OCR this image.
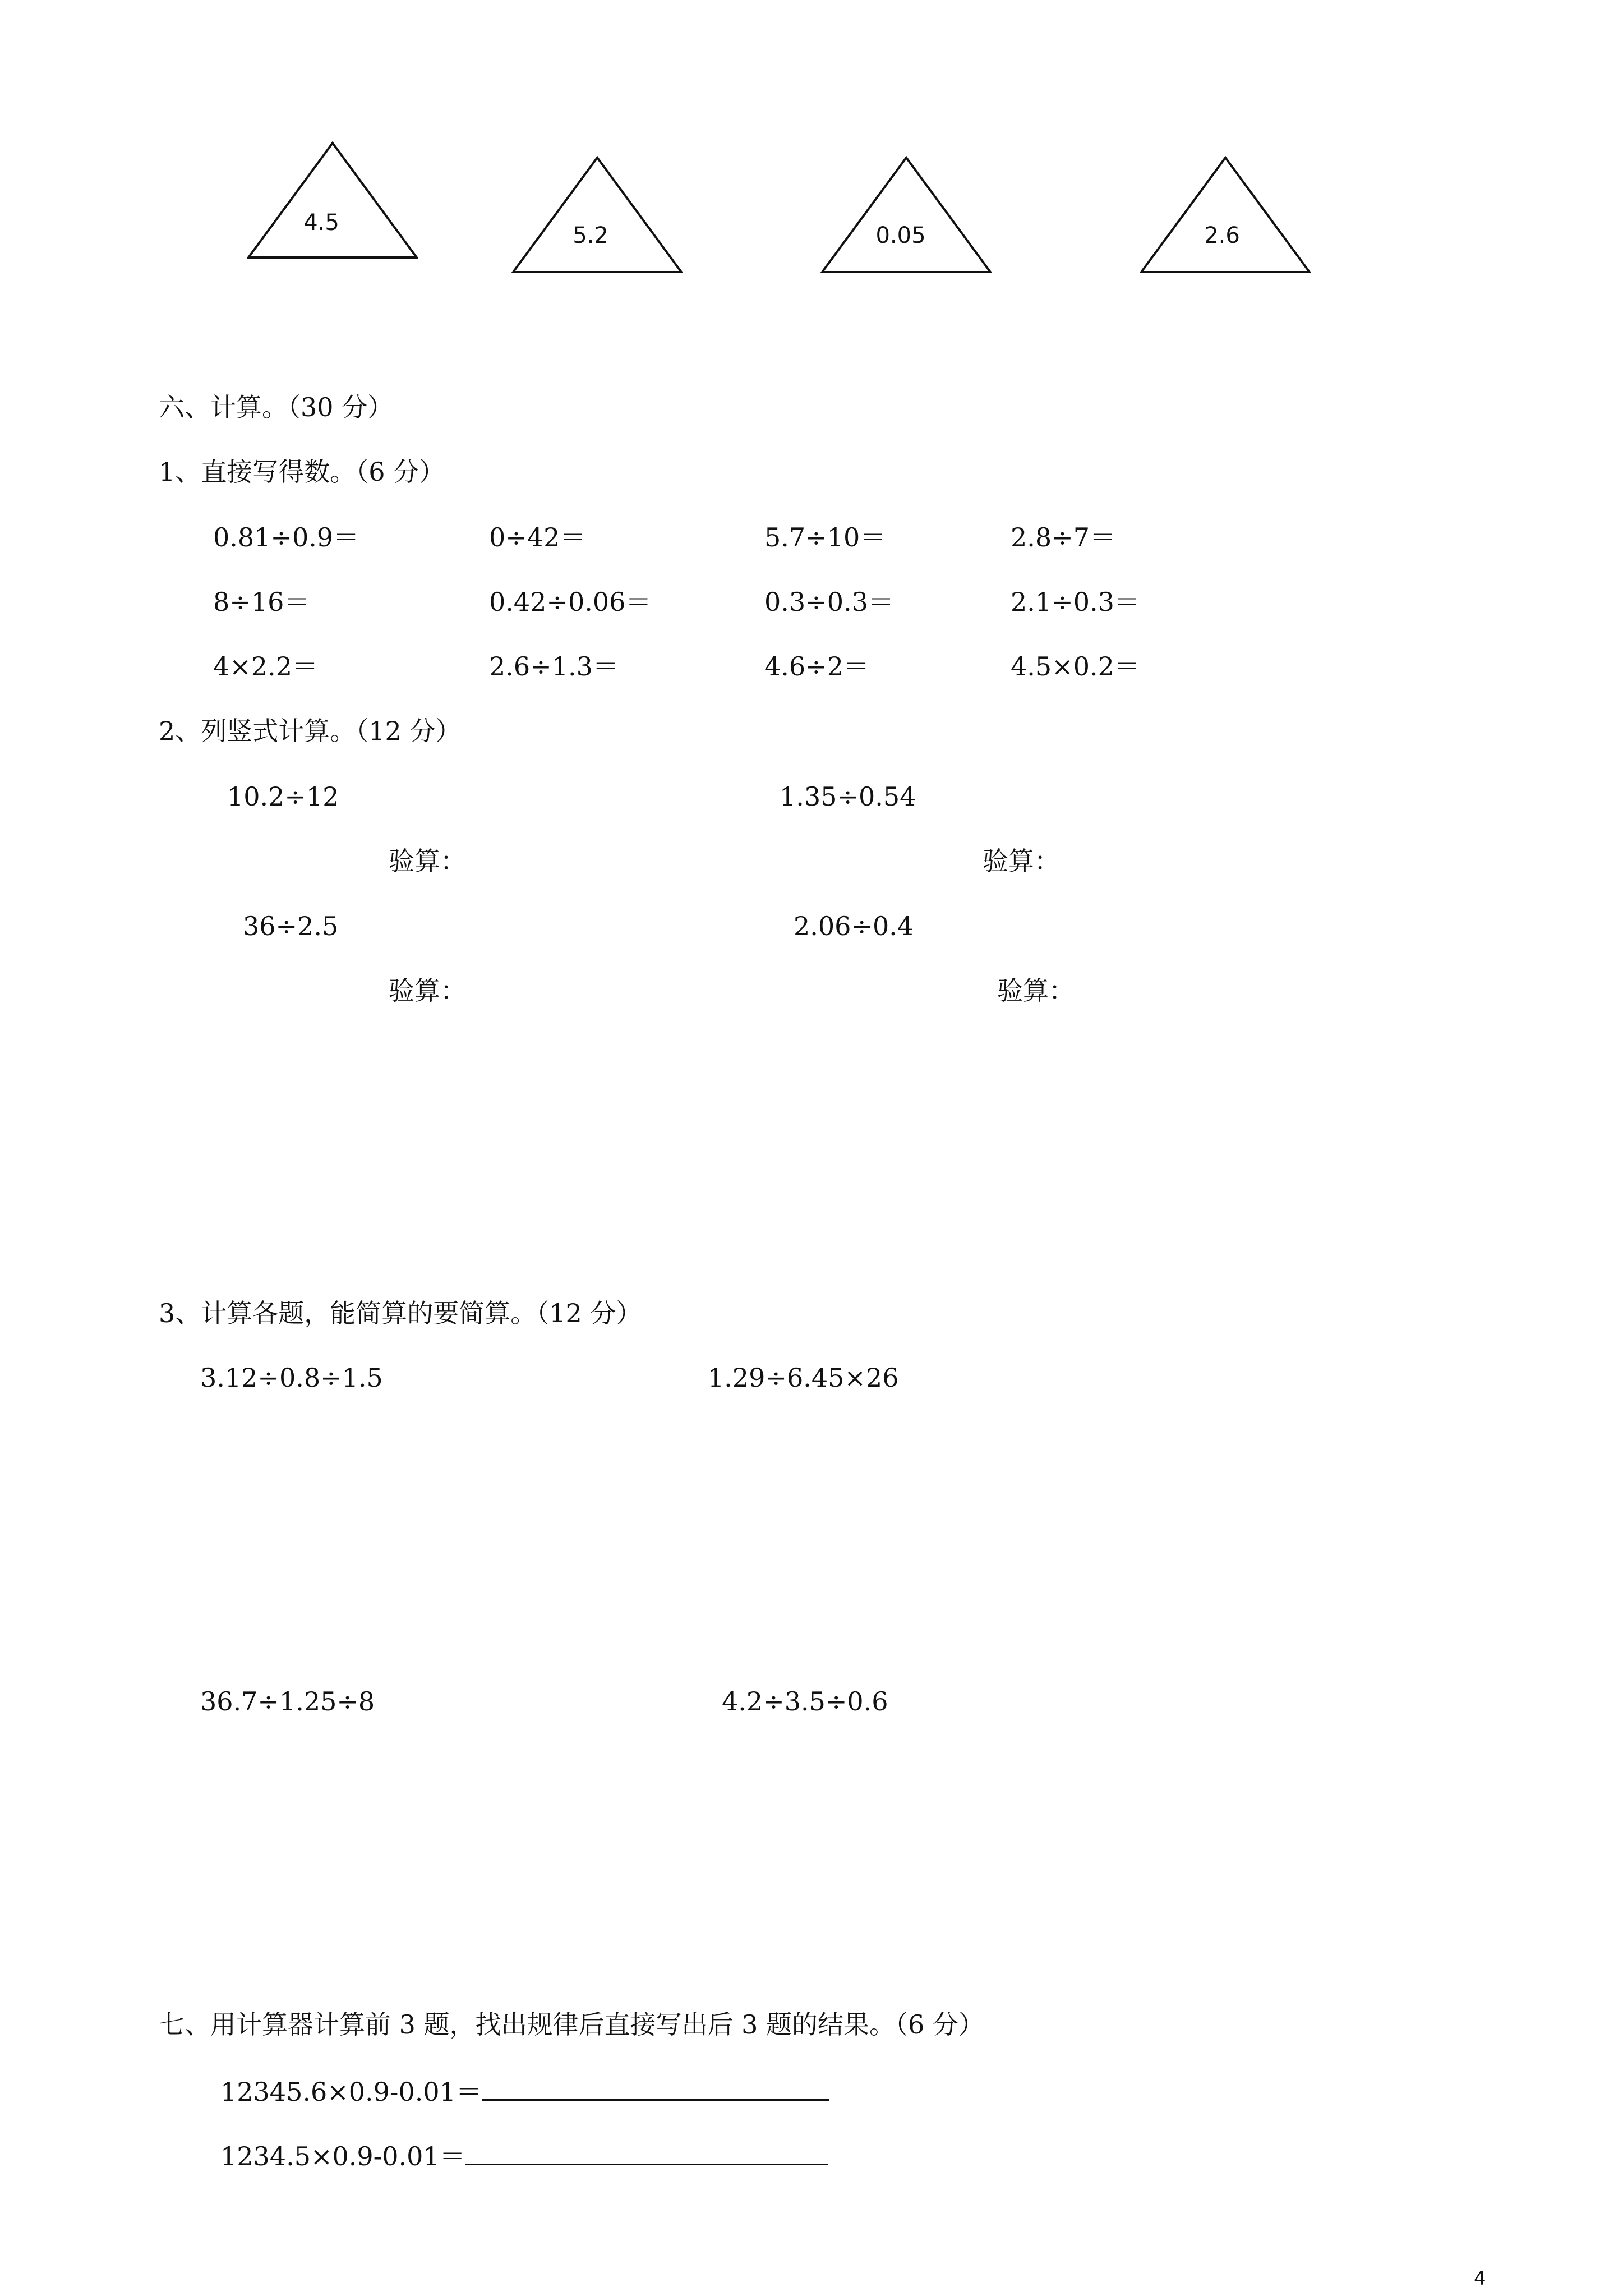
4.5	5.2	0.05	2.6
六、计算。（30 分）
1、直接写得数。（6 分）
0.81÷0.9＝	0÷42＝	5.7÷10＝	2.8÷7＝
8÷16＝	0.42÷0.06＝	0.3÷0.3＝	2.1÷0.3＝
4×2.2＝	2.6÷1.3＝	4.6÷2＝	4.5×0.2＝
2、列竖式计算。（12 分）
10.2÷12	1.35÷0.54
验算：	验算：
36÷2.5	2.06÷0.4
验算：	验算：
3、计算各题，能简算的要简算。（12 分）
3.12÷0.8÷1.5	1.29÷6.45×26
36.7÷1.25÷8	4.2÷3.5÷0.6
七、用计算器计算前 3 题，找出规律后直接写出后 3 题的结果。（6 分）
12345.6×0.9-0.01＝
1234.5×0.9-0.01＝
4
